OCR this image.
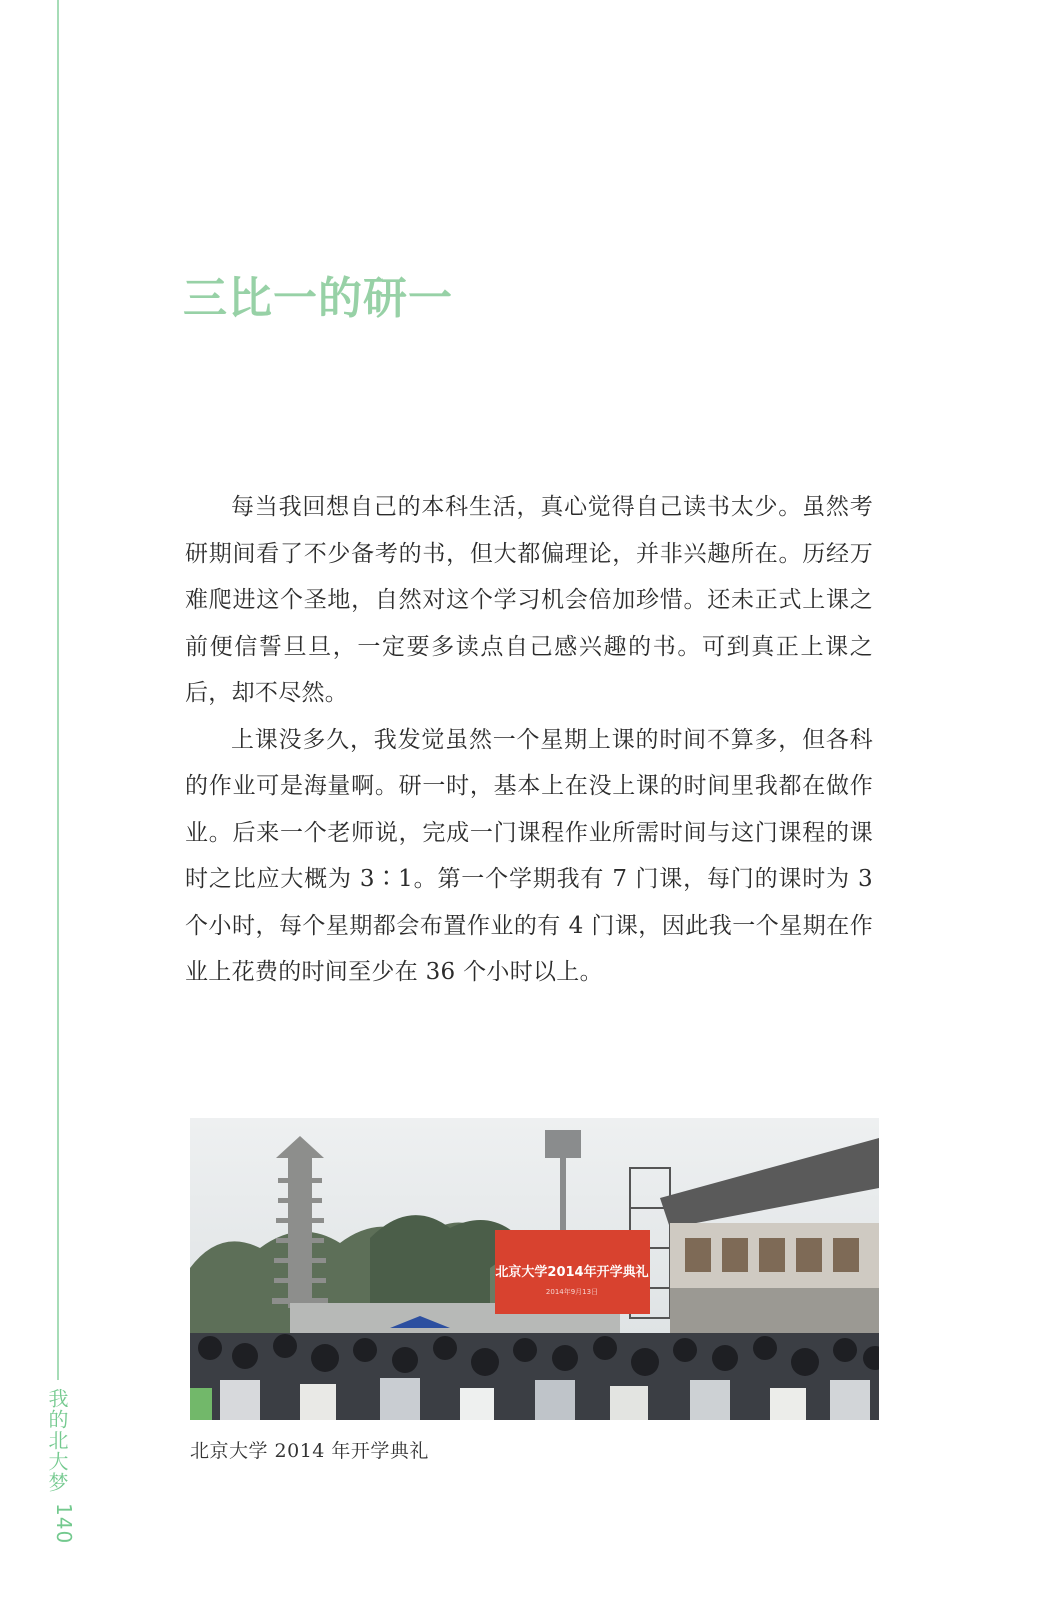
我的北大梦140
三比一的研一

每当我回想自己的本科生活，真心觉得自己读书太少。虽然考研期间看了不少备考的书，但大都偏理论，并非兴趣所在。历经万难爬进这个圣地，自然对这个学习机会倍加珍惜。还未正式上课之前便信誓旦旦，一定要多读点自己感兴趣的书。可到真正上课之后，却不尽然。

上课没多久，我发觉虽然一个星期上课的时间不算多，但各科的作业可是海量啊。研一时，基本上在没上课的时间里我都在做作业。后来一个老师说，完成一门课程作业所需时间与这门课程的课时之比应大概为 3∶1。第一个学期我有 7 门课，每门的课时为 3 个小时，每个星期都会布置作业的有 4 门课，因此我一个星期在作业上花费的时间至少在 36 个小时以上。

北京大学2014年开学典礼
2014年9月13日
北京大学 2014 年开学典礼
